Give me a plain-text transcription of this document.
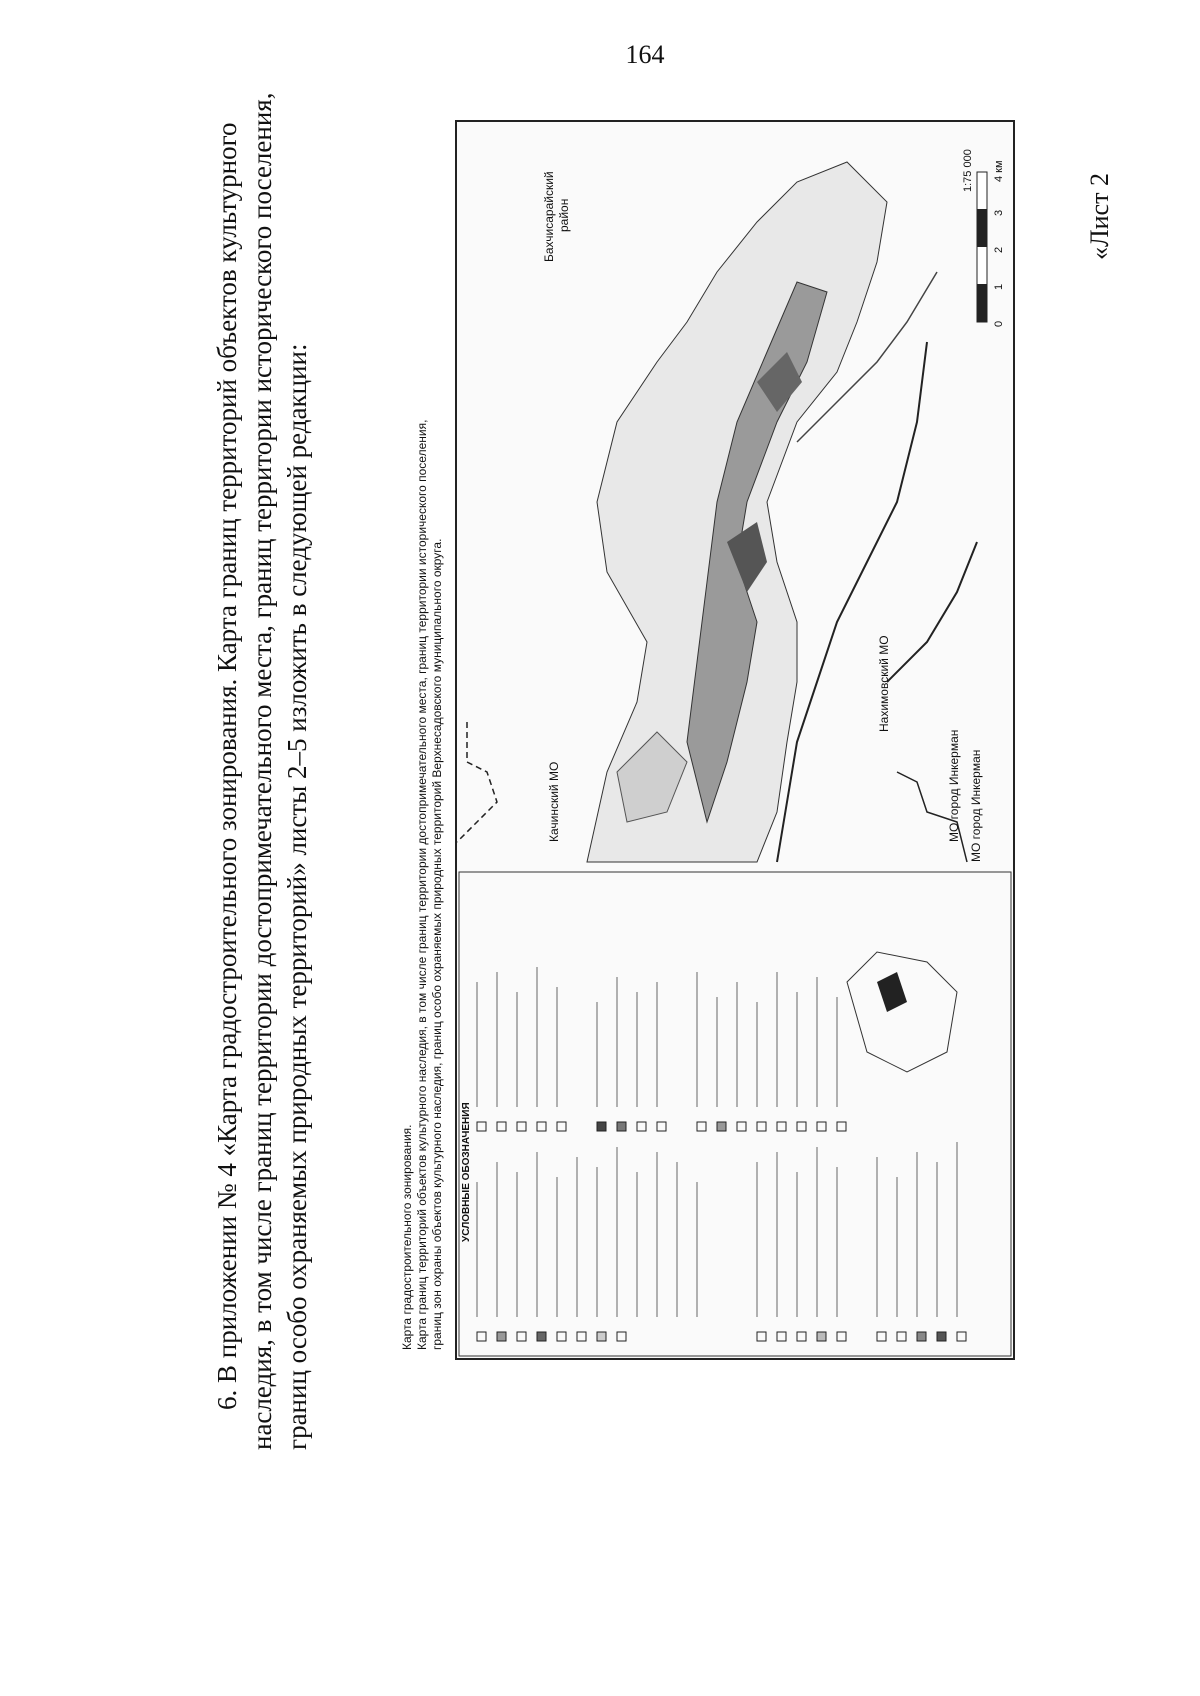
164
6. В приложении № 4 «Карта градостроительного зонирования. Карта границ территорий объектов культурного наследия, в том числе границ территории достопримечательного места, границ территории исторического поселения, границ особо охраняемых природных территорий» листы 2–5 изложить в следующей редакции:
«Лист 2
Карта градостроительного зонирования. Карта границ территорий объектов культурного наследия, в том числе границ территории достопримечательного места, границ территории исторического поселения, границ зон охраны объектов культурного наследия, границ особо охраняемых природных территорий Верхнесадовского муниципального округа.
Бахчисарайский район
Качинский МО
Нахимовский МО
МО город Инкерман МО город Инкерман
УСЛОВНЫЕ ОБОЗНАЧЕНИЯ
1:75 000
0
1
2
3
4 км
